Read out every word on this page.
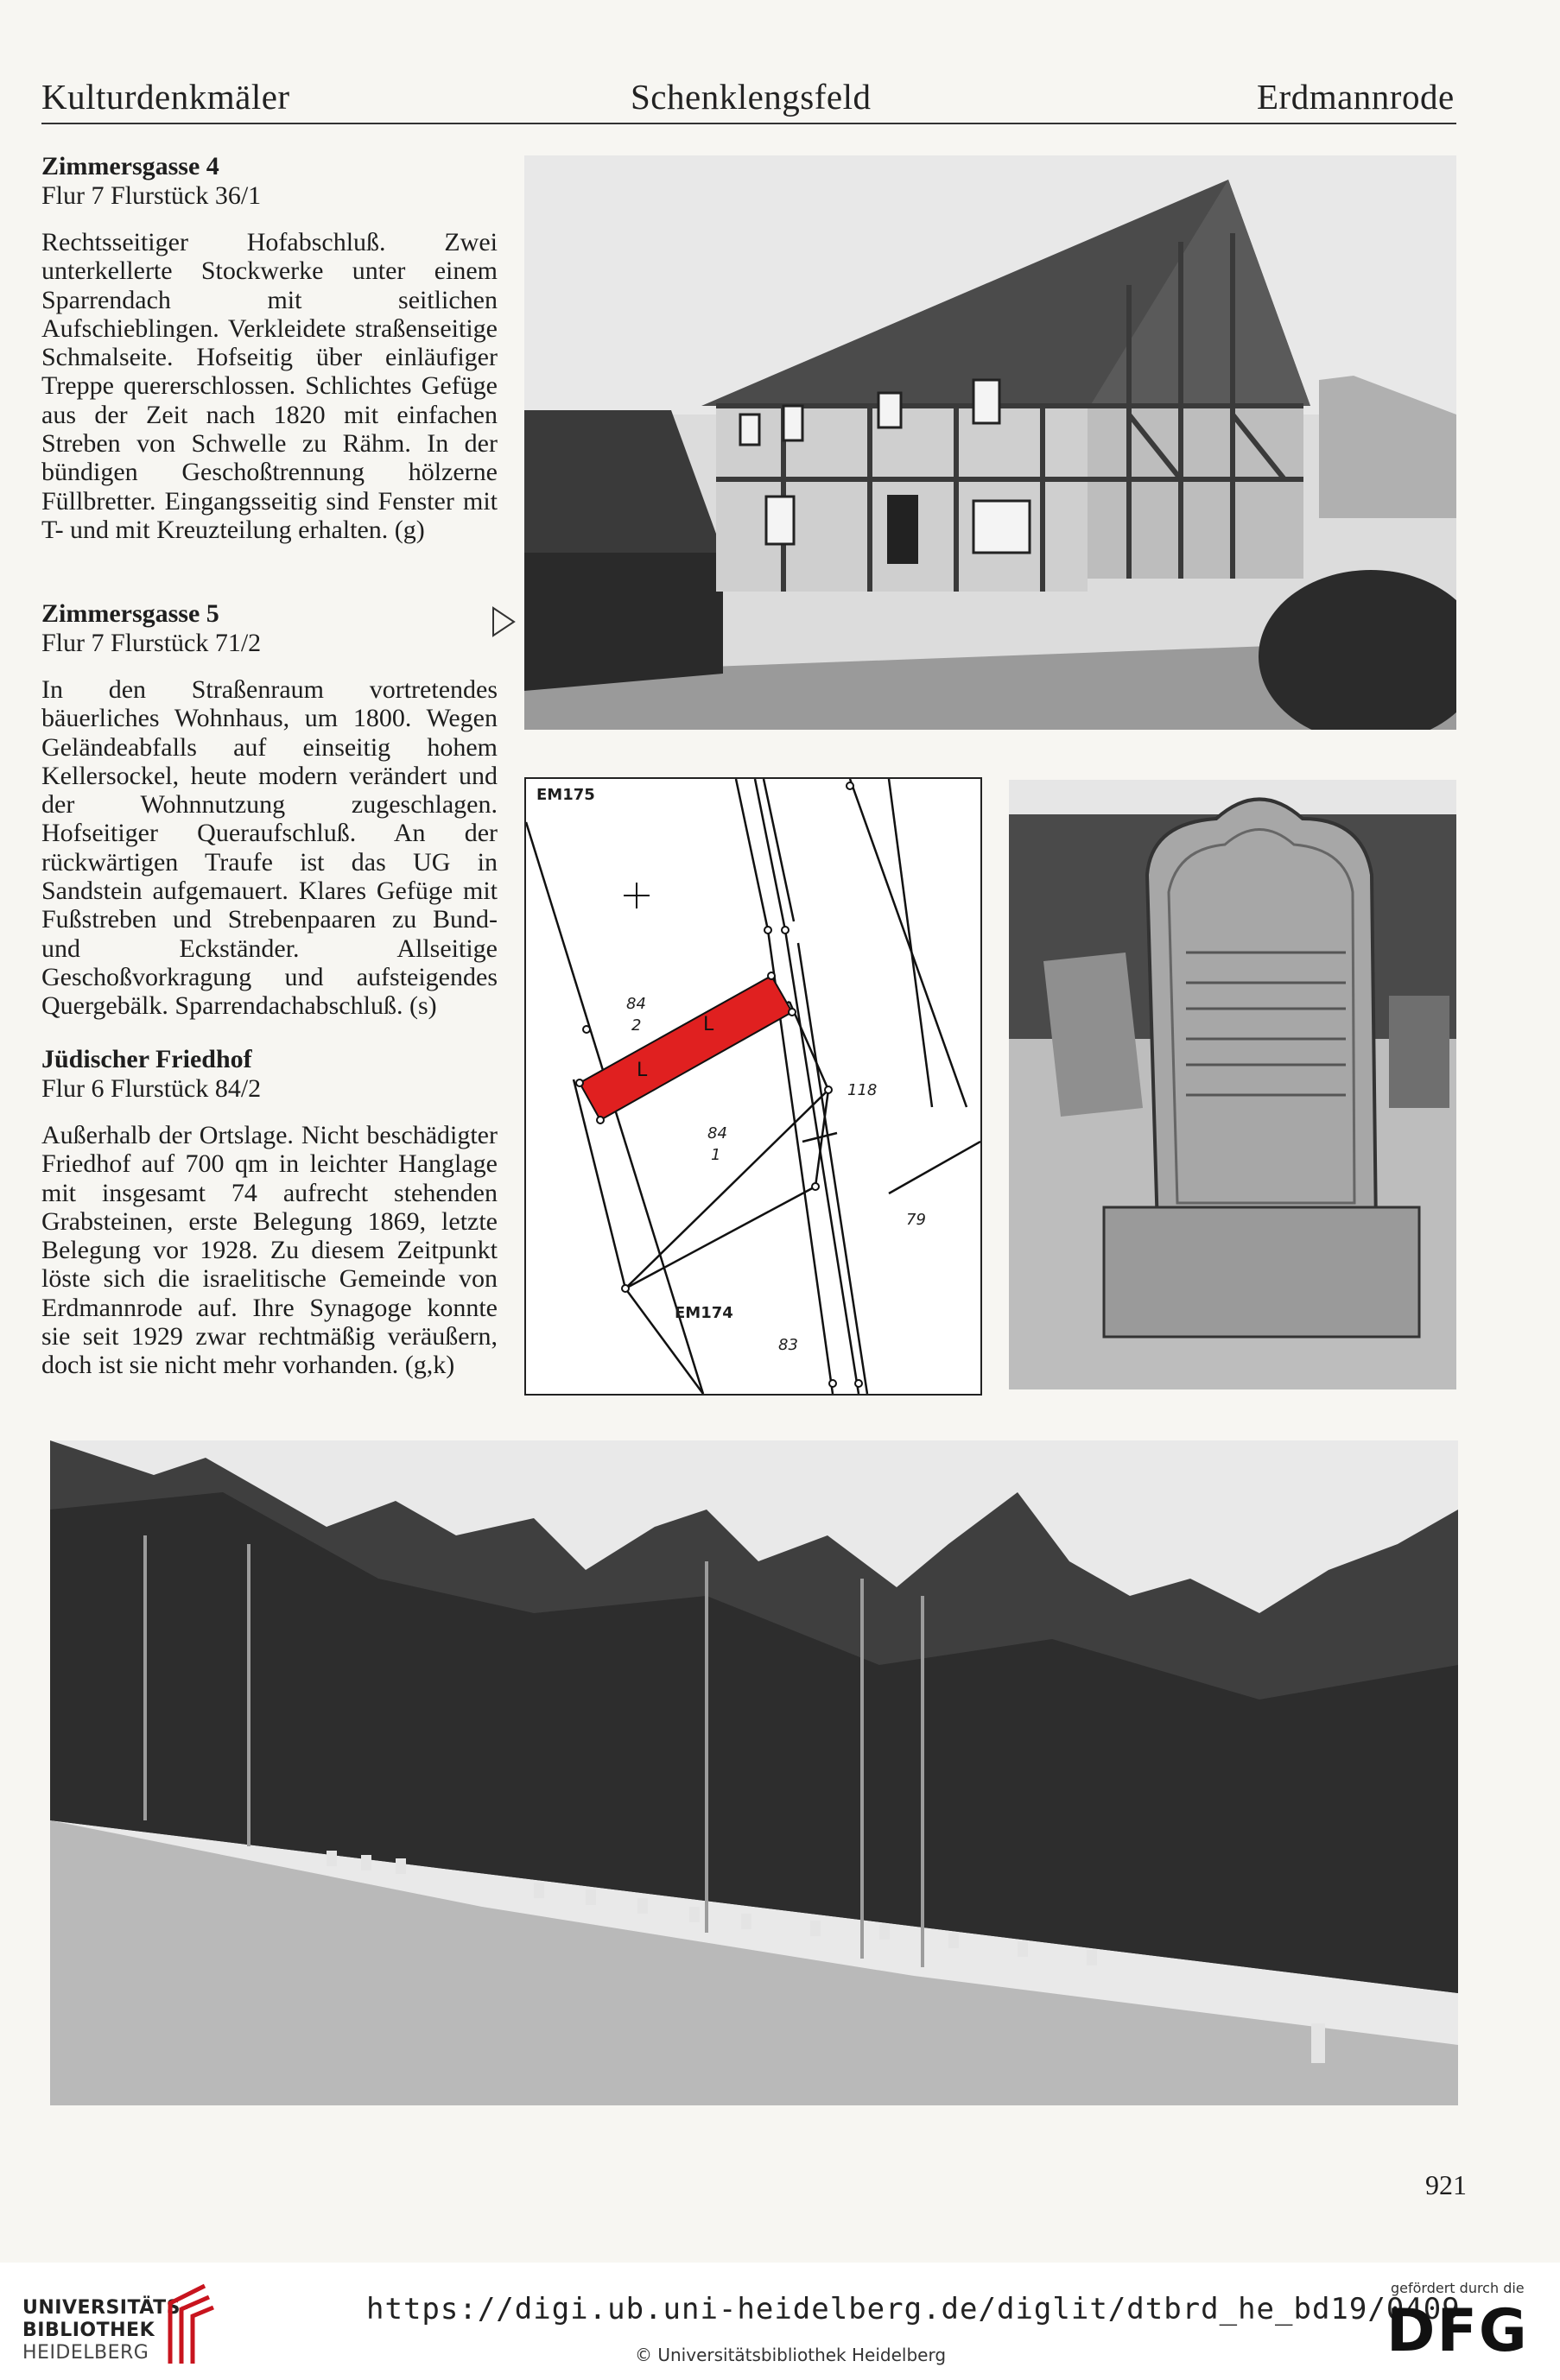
Kulturdenkmäler	Schenklengsfeld	Erdmannrode
Zimmersgasse 4
Flur 7 Flurstück 36/1
Rechtsseitiger Hofabschluß. Zwei unterkellerte Stockwerke unter einem Sparrendach mit seitlichen Aufschieblingen. Verkleidete straßenseitige Schmalseite. Hofseitig über einläufiger Treppe quererschlossen. Schlichtes Gefüge aus der Zeit nach 1820 mit einfachen Streben von Schwelle zu Rähm. In der bündigen Geschoßtrennung hölzerne Füllbretter. Eingangsseitig sind Fenster mit T- und mit Kreuzteilung erhalten. (g)
Zimmersgasse 5
Flur 7 Flurstück 71/2
In den Straßenraum vortretendes bäuerliches Wohnhaus, um 1800. Wegen Geländeabfalls auf einseitig hohem Kellersockel, heute modern verändert und der Wohnnutzung zugeschlagen. Hofseitiger Queraufschluß. An der rückwärtigen Traufe ist das UG in Sandstein aufgemauert. Klares Gefüge mit Fußstreben und Strebenpaaren zu Bund- und Eckständer. Allseitige Geschoßvorkragung und aufsteigendes Quergebälk. Sparrendachabschluß. (s)
Jüdischer Friedhof
Flur 6 Flurstück 84/2
Außerhalb der Ortslage. Nicht beschädigter Friedhof auf 700 qm in leichter Hanglage mit insgesamt 74 aufrecht stehenden Grabsteinen, erste Belegung 1869, letzte Belegung vor 1928. Zu diesem Zeitpunkt löste sich die israelitische Gemeinde von Erdmannrode auf. Ihre Synagoge konnte sie seit 1929 zwar rechtmäßig veräußern, doch ist sie nicht mehr vorhanden. (g,k)
EM175
EM174
84
2
84
1
118
79
83
L
L
921
UNIVERSITÄTS-
BIBLIOTHEK
HEIDELBERG
https://digi.ub.uni-heidelberg.de/diglit/dtbrd_he_bd19/0409
© Universitätsbibliothek Heidelberg
gefördert durch die
DFG
